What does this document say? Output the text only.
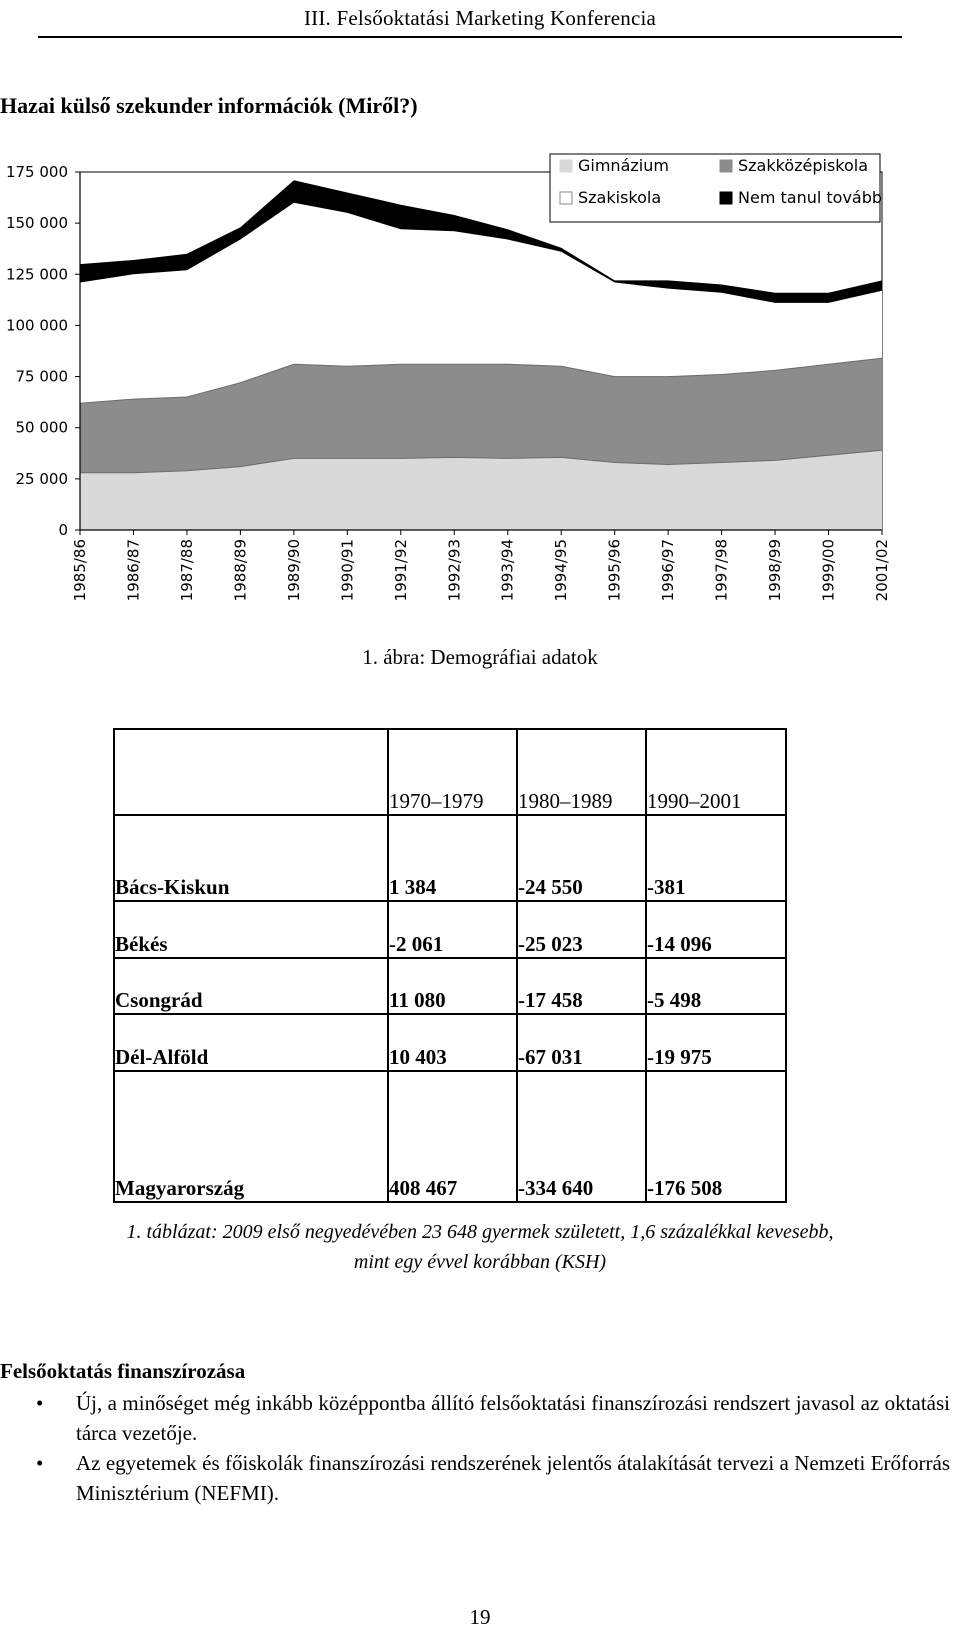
III. Felsőoktatási Marketing Konferencia
Hazai külső szekunder információk (Miről?)
0
25 000
50 000
75 000
100 000
125 000
150 000
175 000
1985/86 1986/87 1987/88 1988/89 1989/90 1990/91 1991/92 1992/93 1993/94 1994/95 1995/96 1996/97 1997/98 1998/99 1999/00 2001/02
Gimnázium	Szakközépiskola
Szakiskola	Nem tanul tovább
1. ábra: Demográfiai adatok
	1970–1979	1980–1989	1990–2001
Bács-Kiskun	1 384	-24 550	-381
Békés	-2 061	-25 023	-14 096
Csongrád	11 080	-17 458	-5 498
Dél-Alföld	10 403	-67 031	-19 975
Magyarország	408 467	-334 640	-176 508
1. táblázat: 2009 első negyedévében 23 648 gyermek született, 1,6 százalékkal kevesebb,
mint egy évvel korábban (KSH)
Felsőoktatás finanszírozása
• Új, a minőséget még inkább középpontba állító felsőoktatási finanszírozási rendszert javasol az oktatási tárca vezetője.
• Az egyetemek és főiskolák finanszírozási rendszerének jelentős átalakítását tervezi a Nemzeti Erőforrás Minisztérium (NEFMI).
19
